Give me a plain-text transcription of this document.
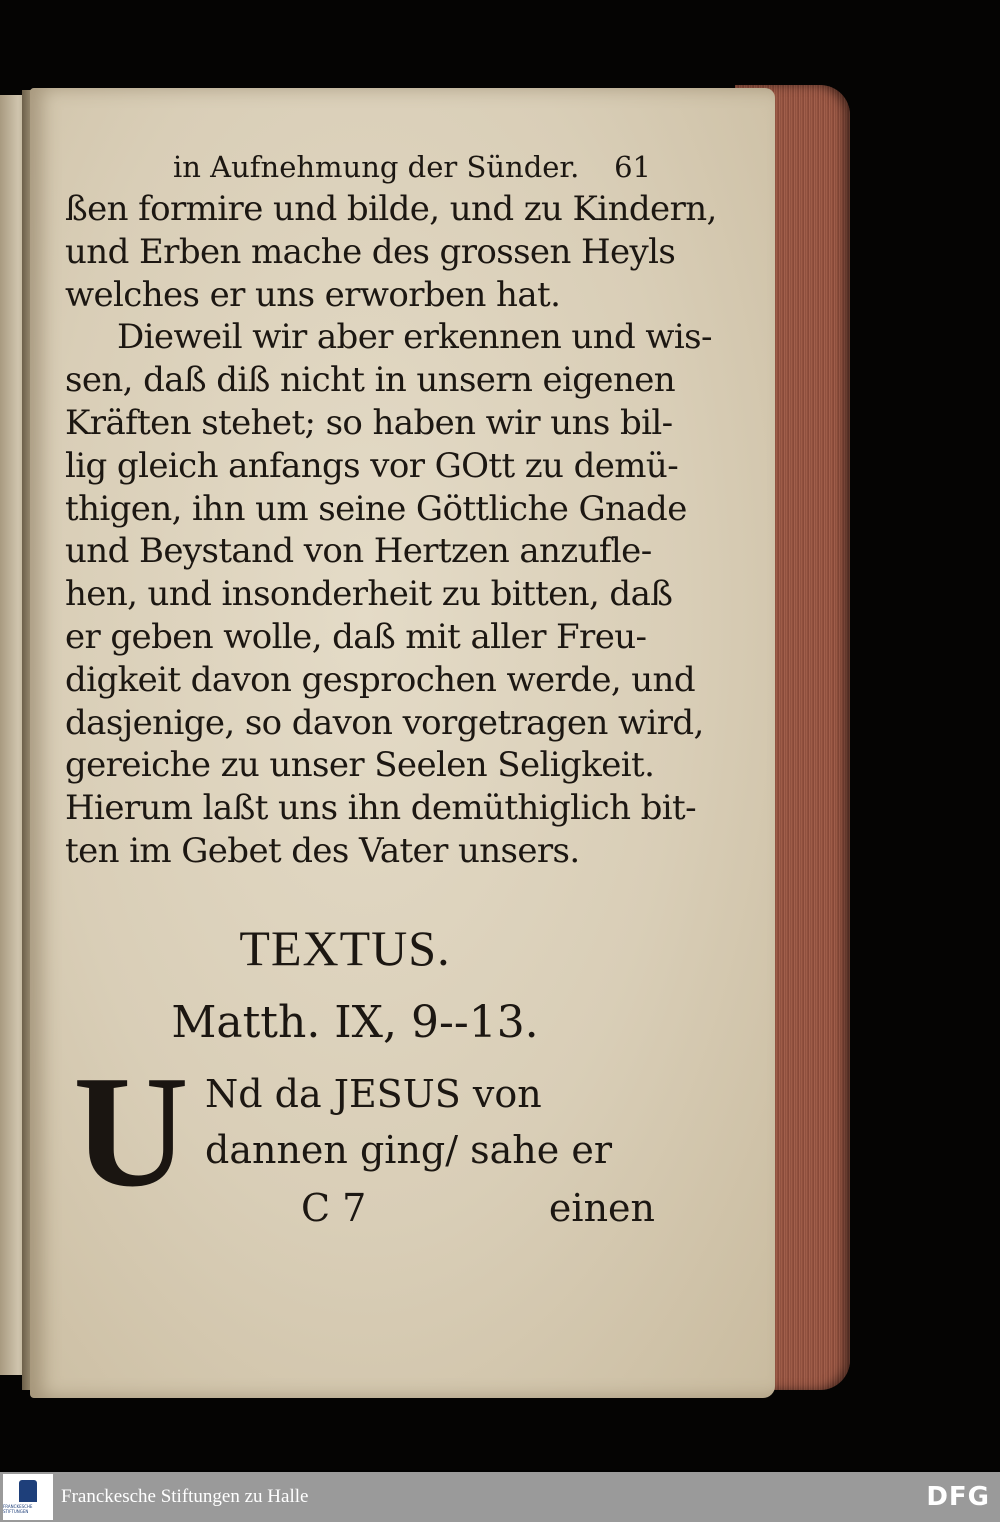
in Aufnehmung der Sünder. 61
ßen formire und bilde, und zu Kindern,
und Erben mache des grossen Heyls
welches er uns erworben hat.
Dieweil wir aber erkennen und wis-
sen, daß diß nicht in unsern eigenen
Kräften stehet; so haben wir uns bil-
lig gleich anfangs vor GOtt zu demü-
thigen, ihn um seine Göttliche Gnade
und Beystand von Hertzen anzufle-
hen, und insonderheit zu bitten, daß
er geben wolle, daß mit aller Freu-
digkeit davon gesprochen werde, und
dasjenige, so davon vorgetragen wird,
gereiche zu unser Seelen Seligkeit.
Hierum laßt uns ihn demüthiglich bit-
ten im Gebet des Vater unsers.
TEXTUS.
Matth. IX, 9--13.
U Nd da JESUS von
dannen ging/ sahe er
C 7	einen
FRANCKESCHE STIFTUNGEN
Franckesche Stiftungen zu Halle	DFG
